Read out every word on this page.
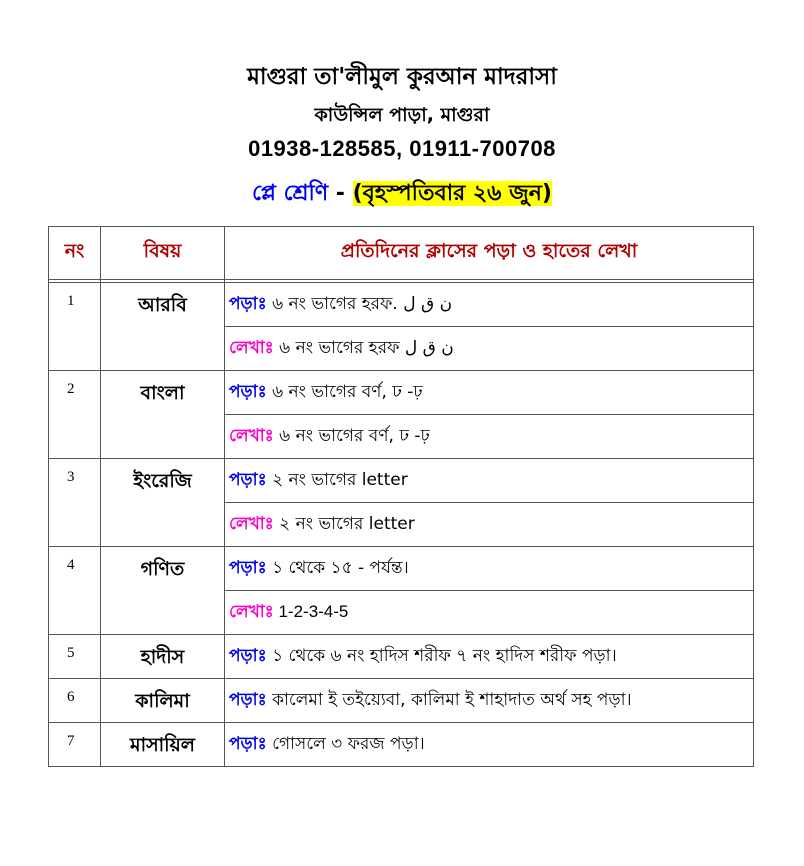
মাগুরা তা'লীমুল কুরআন মাদরাসা
কাউন্সিল পাড়া, মাগুরা
01938-128585, 01911-700708
প্লে শ্রেণি - (বৃহস্পতিবার ২৬ জুন)
নং	বিষয়	প্রতিদিনের ক্লাসের পড়া ও হাতের লেখা

1	আরবি	পড়াঃ ৬ নং ভাগের হরফ. ن ق ل
		লেখাঃ ৬ নং ভাগের হরফ ن ق ل
2	বাংলা	পড়াঃ ৬ নং ভাগের বর্ণ, ঢ -ঢ়
		লেখাঃ ৬ নং ভাগের বর্ণ, ঢ -ঢ়
3	ইংরেজি	পড়াঃ ২ নং ভাগের letter
		লেখাঃ ২ নং ভাগের letter
4	গণিত	পড়াঃ ১ থেকে ১৫ - পর্যন্ত।
		লেখাঃ 1-2-3-4-5
5	হাদীস	পড়াঃ ১ থেকে ৬ নং হাদিস শরীফ ৭ নং হাদিস শরীফ পড়া।
6	কালিমা	পড়াঃ কালেমা ই তইয়্যেবা, কালিমা ই শাহাদাত অর্থ সহ পড়া।
7	মাসায়িল	পড়াঃ গোসলে ৩ ফরজ পড়া।
